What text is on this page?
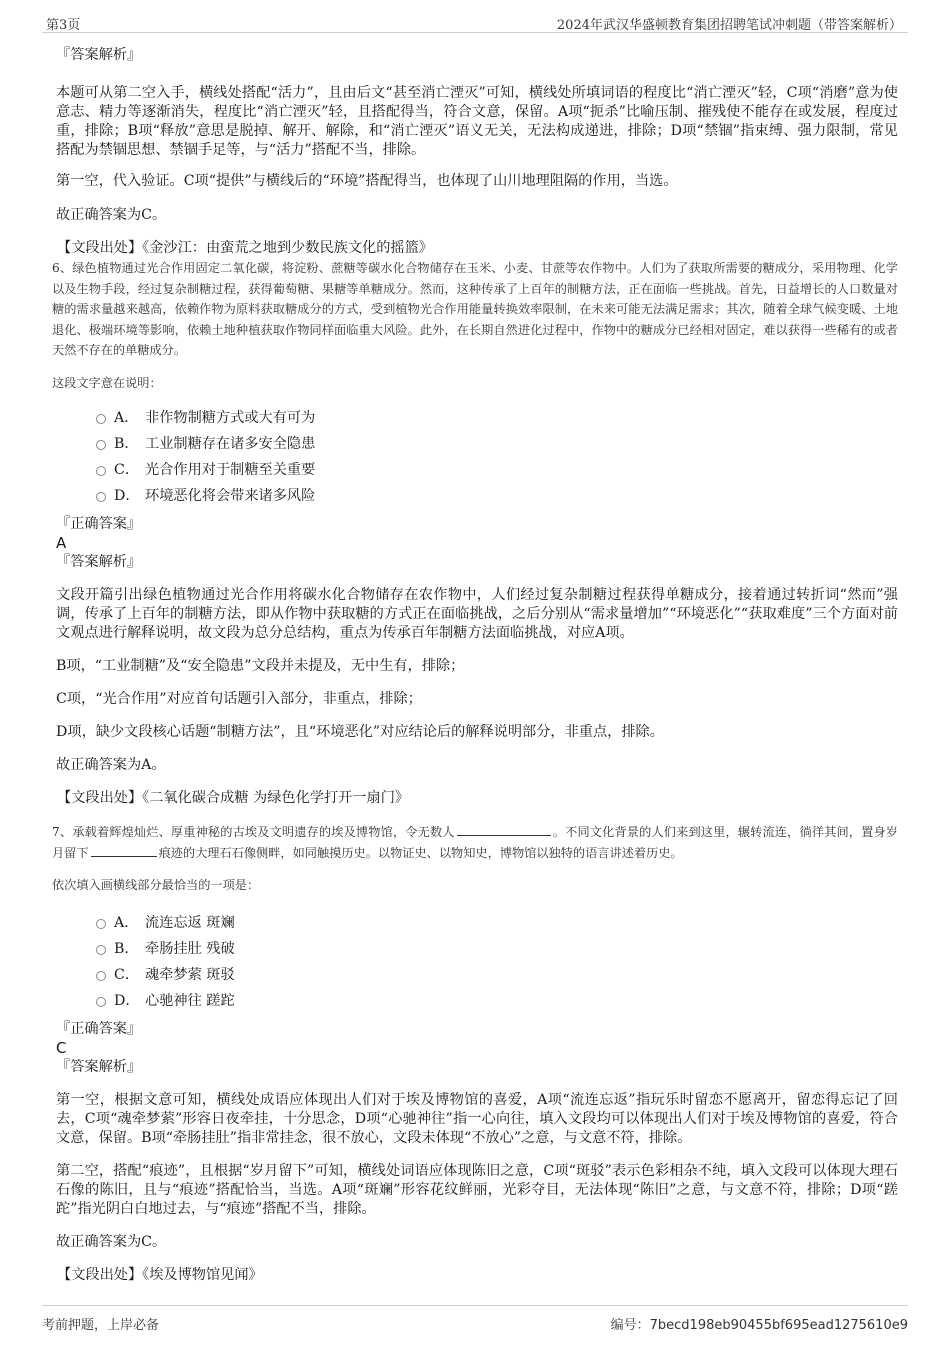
第3页	2024年武汉华盛顿教育集团招聘笔试冲刺题（带答案解析）

『答案解析』

本题可从第二空入手，横线处搭配“活力”，且由后文“甚至消亡湮灭”可知，横线处所填词语的程度比“消亡湮灭”轻，C项“消磨”意为使意志、精力等逐渐消失，程度比“消亡湮灭”轻，且搭配得当，符合文意，保留。A项“扼杀”比喻压制、摧残使不能存在或发展，程度过重，排除；B项“释放”意思是脱掉、解开、解除，和“消亡湮灭”语义无关，无法构成递进，排除；D项“禁锢”指束缚、强力限制，常见搭配为禁锢思想、禁锢手足等，与“活力”搭配不当，排除。

第一空，代入验证。C项“提供”与横线后的“环境”搭配得当，也体现了山川地理阻隔的作用，当选。

故正确答案为C。

【文段出处】《金沙江：由蛮荒之地到少数民族文化的摇篮》

6、绿色植物通过光合作用固定二氧化碳，将淀粉、蔗糖等碳水化合物储存在玉米、小麦、甘蔗等农作物中。人们为了获取所需要的糖成分，采用物理、化学以及生物手段，经过复杂制糖过程，获得葡萄糖、果糖等单糖成分。然而，这种传承了上百年的制糖方法，正在面临一些挑战。首先，日益增长的人口数量对糖的需求量越来越高，依赖作物为原料获取糖成分的方式，受到植物光合作用能量转换效率限制，在未来可能无法满足需求；其次，随着全球气候变暖、土地退化、极端环境等影响，依赖土地种植获取作物同样面临重大风险。此外，在长期自然进化过程中，作物中的糖成分已经相对固定，难以获得一些稀有的或者天然不存在的单糖成分。

这段文字意在说明：

A． 非作物制糖方式或大有可为
B． 工业制糖存在诸多安全隐患
C． 光合作用对于制糖至关重要
D． 环境恶化将会带来诸多风险

『正确答案』

A

『答案解析』

文段开篇引出绿色植物通过光合作用将碳水化合物储存在农作物中，人们经过复杂制糖过程获得单糖成分，接着通过转折词“然而”强调，传承了上百年的制糖方法，即从作物中获取糖的方式正在面临挑战，之后分别从“需求量增加”“环境恶化”“获取难度”三个方面对前文观点进行解释说明，故文段为总分总结构，重点为传承百年制糖方法面临挑战，对应A项。

B项，“工业制糖”及“安全隐患”文段并未提及，无中生有，排除；

C项，“光合作用”对应首句话题引入部分，非重点，排除；

D项，缺少文段核心话题“制糖方法”，且“环境恶化”对应结论后的解释说明部分，非重点，排除。

故正确答案为A。

【文段出处】《二氧化碳合成糖 为绿色化学打开一扇门》

7、承载着辉煌灿烂、厚重神秘的古埃及文明遗存的埃及博物馆，令无数人	。不同文化背景的人们来到这里，辗转流连，徜徉其间，置身岁月留下	痕迹的大理石石像侧畔，如同触摸历史。以物证史、以物知史，博物馆以独特的语言讲述着历史。

依次填入画横线部分最恰当的一项是：

A． 流连忘返 斑斓
B． 牵肠挂肚 残破
C． 魂牵梦萦 斑驳
D． 心驰神往 蹉跎

『正确答案』

C

『答案解析』

第一空，根据文意可知，横线处成语应体现出人们对于埃及博物馆的喜爱，A项“流连忘返”指玩乐时留恋不愿离开，留恋得忘记了回去，C项“魂牵梦萦”形容日夜牵挂，十分思念，D项“心驰神往”指一心向往，填入文段均可以体现出人们对于埃及博物馆的喜爱，符合文意，保留。B项“牵肠挂肚”指非常挂念，很不放心，文段未体现“不放心”之意，与文意不符，排除。

第二空，搭配“痕迹”，且根据“岁月留下”可知，横线处词语应体现陈旧之意，C项“斑驳”表示色彩相杂不纯，填入文段可以体现大理石石像的陈旧，且与“痕迹”搭配恰当，当选。A项“斑斓”形容花纹鲜丽，光彩夺目，无法体现“陈旧”之意，与文意不符，排除；D项“蹉跎”指光阴白白地过去，与“痕迹”搭配不当，排除。

故正确答案为C。

【文段出处】《埃及博物馆见闻》

考前押题，上岸必备	编号：7becd198eb90455bf695ead1275610e9
